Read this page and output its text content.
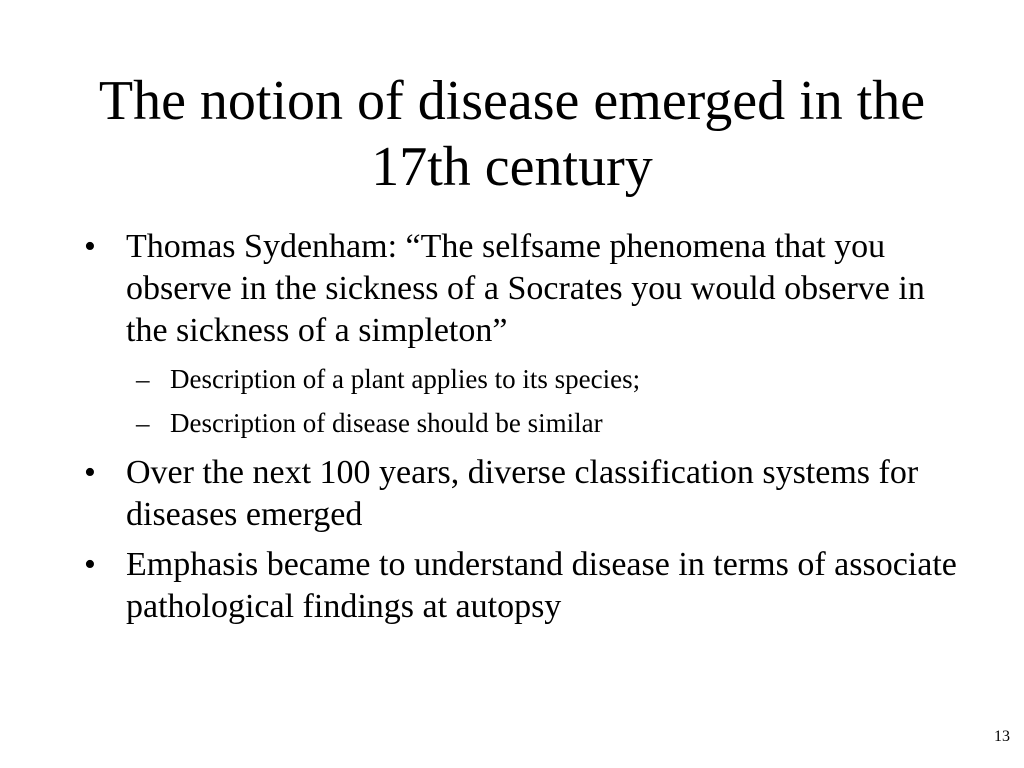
The notion of disease emerged in the 17th century
• Thomas Sydenham: “The selfsame phenomena that you observe in the sickness of a Socrates you would observe in the sickness of a simpleton”
– Description of a plant applies to its species;
– Description of disease should be similar
• Over the next 100 years, diverse classification systems for diseases emerged
• Emphasis became to understand disease in terms of associate pathological findings at autopsy
13
